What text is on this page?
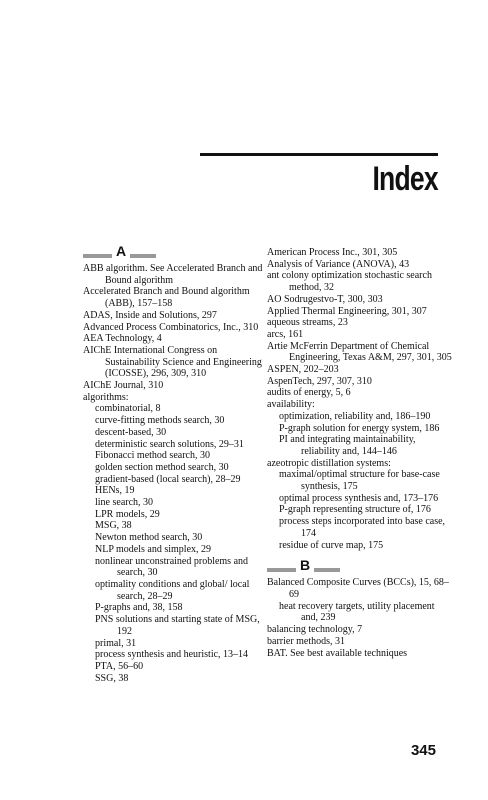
Index
A

ABB algorithm. See Accelerated Branch and Bound algorithm

Accelerated Branch and Bound algorithm (ABB), 157–158

ADAS, Inside and Solutions, 297

Advanced Process Combinatorics, Inc., 310

AEA Technology, 4

AIChE International Congress on Sustainability Science and Engineering (ICOSSE), 296, 309, 310

AIChE Journal, 310

algorithms:

combinatorial, 8

curve-fitting methods search, 30

descent-based, 30

deterministic search solutions, 29–31

Fibonacci method search, 30

golden section method search, 30

gradient-based (local search), 28–29

HENs, 19

line search, 30

LPR models, 29

MSG, 38

Newton method search, 30

NLP models and simplex, 29

nonlinear unconstrained problems and search, 30

optimality conditions and global/ local search, 28–29

P-graphs and, 38, 158

PNS solutions and starting state of MSG, 192

primal, 31

process synthesis and heuristic, 13–14

PTA, 56–60

SSG, 38

American Process Inc., 301, 305

Analysis of Variance (ANOVA), 43

ant colony optimization stochastic search method, 32

AO Sodrugestvo-T, 300, 303

Applied Thermal Engineering, 301, 307

aqueous streams, 23

arcs, 161

Artie McFerrin Department of Chemical Engineering, Texas A&M, 297, 301, 305

ASPEN, 202–203

AspenTech, 297, 307, 310

audits of energy, 5, 6

availability:

optimization, reliability and, 186–190

P-graph solution for energy system, 186

PI and integrating maintainability, reliability and, 144–146

azeotropic distillation systems:

maximal/optimal structure for base-case synthesis, 175

optimal process synthesis and, 173–176

P-graph representing structure of, 176

process steps incorporated into base case, 174

residue of curve map, 175

B

Balanced Composite Curves (BCCs), 15, 68–69

heat recovery targets, utility placement and, 239

balancing technology, 7

barrier methods, 31

BAT. See best available techniques

345
